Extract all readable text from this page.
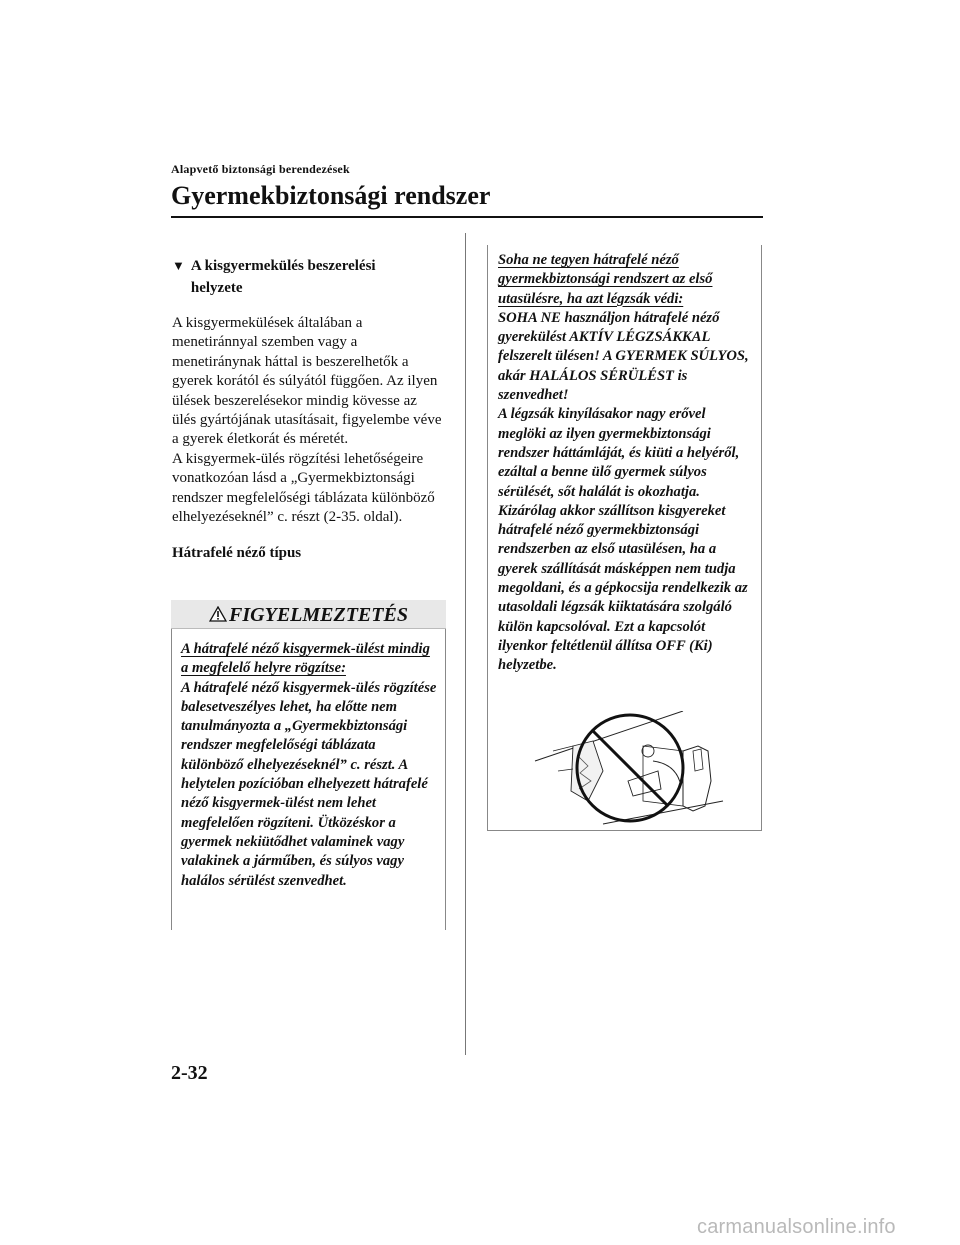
Alapvető biztonsági berendezések
Gyermekbiztonsági rendszer
▼ A kisgyermekülés beszerelési
helyzete
A kisgyermekülések általában a menetiránnyal szemben vagy a menetiránynak háttal is beszerelhetők a gyerek korától és súlyától függően. Az ilyen ülések beszerelésekor mindig kövesse az ülés gyártójának utasításait, figyelembe véve a gyerek életkorát és méretét.
A kisgyermek-ülés rögzítési lehetőségeire vonatkozóan lásd a „Gyermekbiztonsági rendszer megfelelőségi táblázata különböző elhelyezéseknél” c. részt (2-35. oldal).
Hátrafelé néző típus
FIGYELMEZTETÉS
A hátrafelé néző kisgyermek-ülést mindig a megfelelő helyre rögzítse:
A hátrafelé néző kisgyermek-ülés rögzítése balesetveszélyes lehet, ha előtte nem tanulmányozta a „Gyermekbiztonsági rendszer megfelelőségi táblázata különböző elhelyezéseknél” c. részt. A helytelen pozícióban elhelyezett hátrafelé néző kisgyermek-ülést nem lehet megfelelően rögzíteni. Ütközéskor a gyermek nekiütődhet valaminek vagy valakinek a járműben, és súlyos vagy halálos sérülést szenvedhet.
Soha ne tegyen hátrafelé néző gyermekbiztonsági rendszert az első utasülésre, ha azt légzsák védi:
SOHA NE használjon hátrafelé néző gyerekülést AKTÍV LÉGZSÁKKAL felszerelt ülésen! A GYERMEK SÚLYOS, akár HALÁLOS SÉRÜLÉST is szenvedhet!
A légzsák kinyílásakor nagy erővel meglöki az ilyen gyermekbiztonsági rendszer háttámláját, és kiüti a helyéről, ezáltal a benne ülő gyermek súlyos sérülését, sőt halálát is okozhatja. Kizárólag akkor szállítson kisgyereket hátrafelé néző gyermekbiztonsági rendszerben az első utasülésen, ha a gyerek szállítását másképpen nem tudja megoldani, és a gépkocsija rendelkezik az utasoldali légzsák kiiktatására szolgáló külön kapcsolóval. Ezt a kapcsolót ilyenkor feltétlenül állítsa OFF (Ki) helyzetbe.
2-32
carmanualsonline.info
